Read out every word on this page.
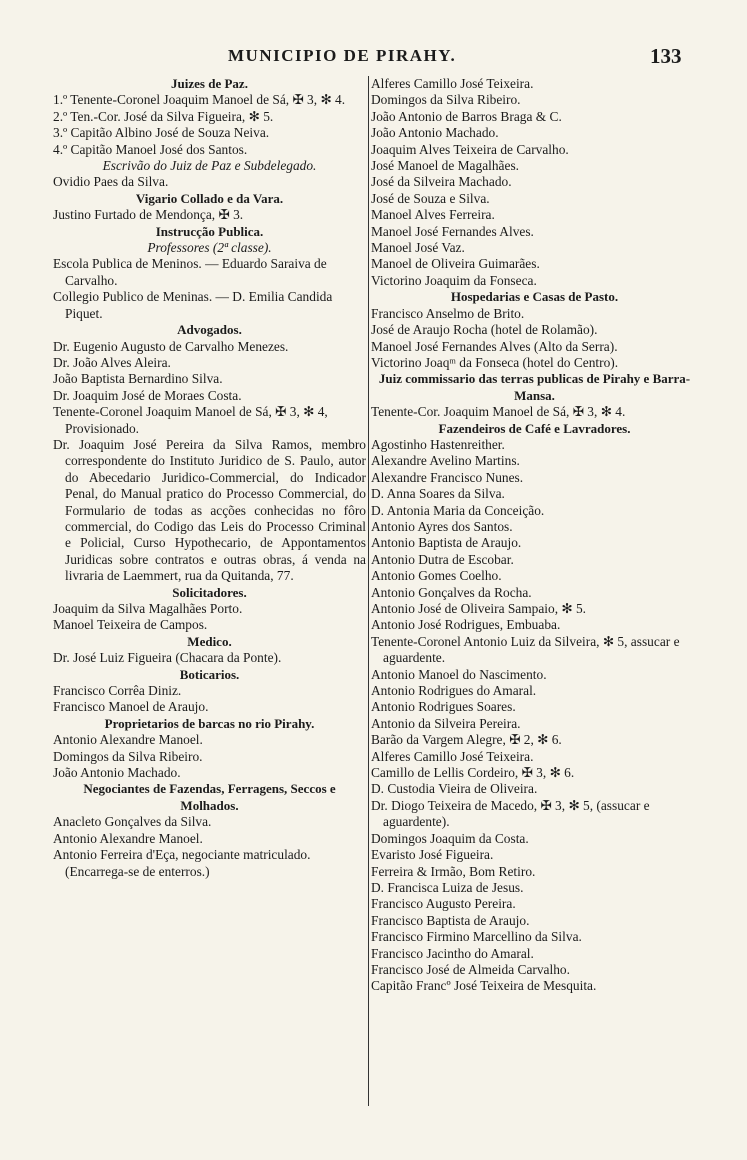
MUNICIPIO DE PIRAHY.	133

Juizes de Paz.

1.º Tenente-Coronel Joaquim Manoel de Sá, ✠ 3, ✻ 4.

2.º Ten.-Cor. José da Silva Figueira, ✻ 5.

3.º Capitão Albino José de Souza Neiva.

4.º Capitão Manoel José dos Santos.

Escrivão do Juiz de Paz e Subdelegado.

Ovidio Paes da Silva.

Vigario Collado e da Vara.

Justino Furtado de Mendonça, ✠ 3.

Instrucção Publica.

Professores (2ª classe).

Escola Publica de Meninos. — Eduardo Saraiva de Carvalho.

Collegio Publico de Meninas. — D. Emilia Candida Piquet.

Advogados.

Dr. Eugenio Augusto de Carvalho Menezes.

Dr. João Alves Aleira.

João Baptista Bernardino Silva.

Dr. Joaquim José de Moraes Costa.

Tenente-Coronel Joaquim Manoel de Sá, ✠ 3, ✻ 4, Provisionado.

Dr. Joaquim José Pereira da Silva Ramos, membro correspondente do Instituto Juridico de S. Paulo, autor do Abecedario Juridico-Commercial, do Indicador Penal, do Manual pratico do Processo Commercial, do Formulario de todas as acções conhecidas no fôro commercial, do Codigo das Leis do Processo Criminal e Policial, Curso Hypothecario, de Appontamentos Juridicas sobre contratos e outras obras, á venda na livraria de Laemmert, rua da Quitanda, 77.

Solicitadores.

Joaquim da Silva Magalhães Porto.

Manoel Teixeira de Campos.

Medico.

Dr. José Luiz Figueira (Chacara da Ponte).

Boticarios.

Francisco Corrêa Diniz.

Francisco Manoel de Araujo.

Proprietarios de barcas no rio Pirahy.

Antonio Alexandre Manoel.

Domingos da Silva Ribeiro.

João Antonio Machado.

Negociantes de Fazendas, Ferragens, Seccos e Molhados.

Anacleto Gonçalves da Silva.

Antonio Alexandre Manoel.

Antonio Ferreira d'Eça, negociante matriculado. (Encarrega-se de enterros.)

Alferes Camillo José Teixeira.

Domingos da Silva Ribeiro.

João Antonio de Barros Braga & C.

João Antonio Machado.

Joaquim Alves Teixeira de Carvalho.

José Manoel de Magalhães.

José da Silveira Machado.

José de Souza e Silva.

Manoel Alves Ferreira.

Manoel José Fernandes Alves.

Manoel José Vaz.

Manoel de Oliveira Guimarães.

Victorino Joaquim da Fonseca.

Hospedarias e Casas de Pasto.

Francisco Anselmo de Brito.

José de Araujo Rocha (hotel de Rolamão).

Manoel José Fernandes Alves (Alto da Serra).

Victorino Joaqᵐ da Fonseca (hotel do Centro).

Juiz commissario das terras publicas de Pirahy e Barra-Mansa.

Tenente-Cor. Joaquim Manoel de Sá, ✠ 3, ✻ 4.

Fazendeiros de Café e Lavradores.

Agostinho Hastenreither.

Alexandre Avelino Martins.

Alexandre Francisco Nunes.

D. Anna Soares da Silva.

D. Antonia Maria da Conceição.

Antonio Ayres dos Santos.

Antonio Baptista de Araujo.

Antonio Dutra de Escobar.

Antonio Gomes Coelho.

Antonio Gonçalves da Rocha.

Antonio José de Oliveira Sampaio, ✻ 5.

Antonio José Rodrigues, Embuaba.

Tenente-Coronel Antonio Luiz da Silveira, ✻ 5, assucar e aguardente.

Antonio Manoel do Nascimento.

Antonio Rodrigues do Amaral.

Antonio Rodrigues Soares.

Antonio da Silveira Pereira.

Barão da Vargem Alegre, ✠ 2, ✻ 6.

Alferes Camillo José Teixeira.

Camillo de Lellis Cordeiro, ✠ 3, ✻ 6.

D. Custodia Vieira de Oliveira.

Dr. Diogo Teixeira de Macedo, ✠ 3, ✻ 5, (assucar e aguardente).

Domingos Joaquim da Costa.

Evaristo José Figueira.

Ferreira & Irmão, Bom Retiro.

D. Francisca Luiza de Jesus.

Francisco Augusto Pereira.

Francisco Baptista de Araujo.

Francisco Firmino Marcellino da Silva.

Francisco Jacintho do Amaral.

Francisco José de Almeida Carvalho.

Capitão Francº José Teixeira de Mesquita.
